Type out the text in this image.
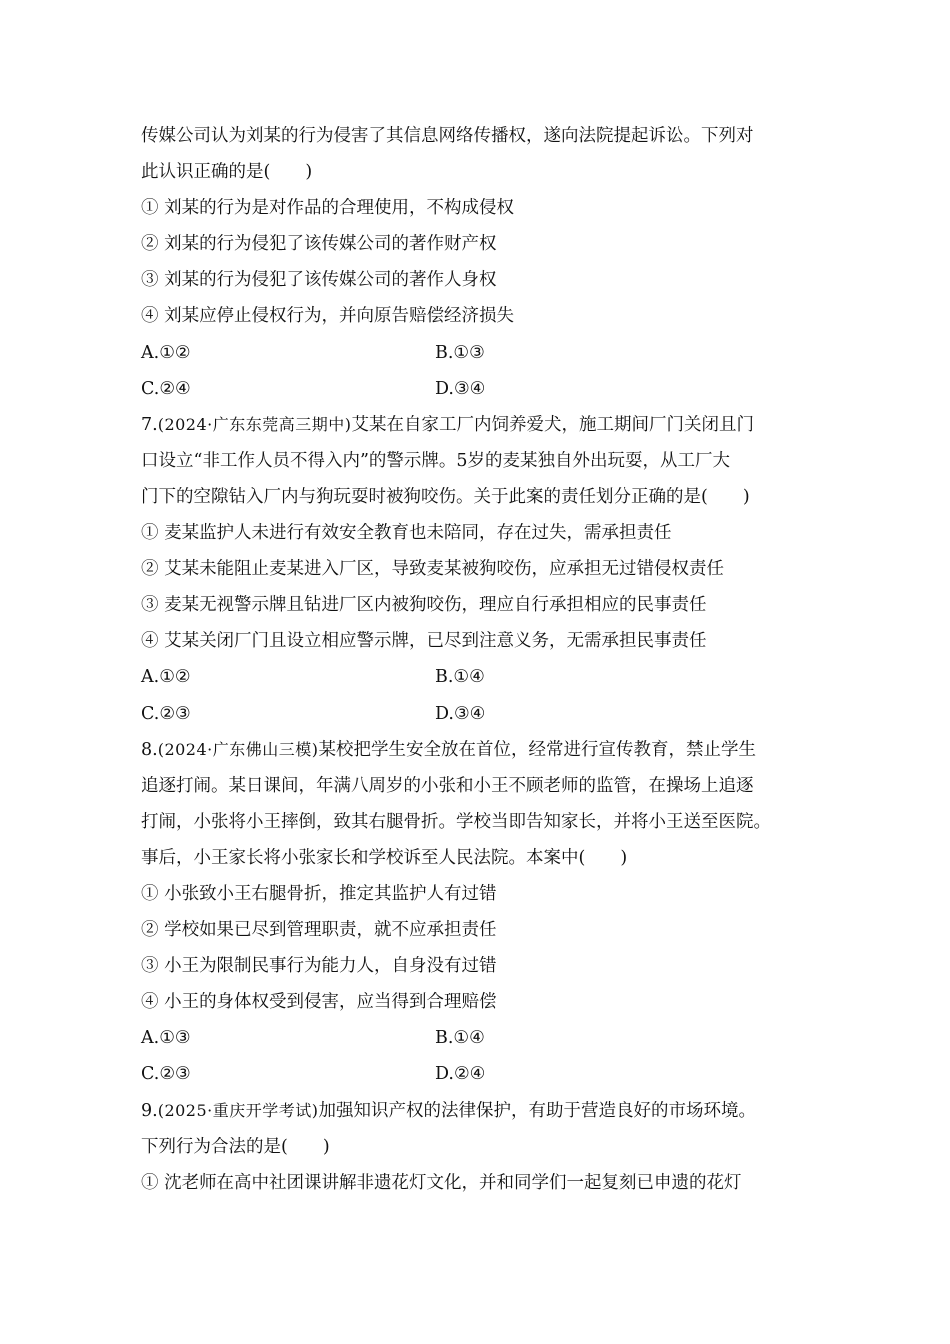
传媒公司认为刘某的行为侵害了其信息网络传播权，遂向法院提起诉讼。下列对
此认识正确的是(　　)
① 刘某的行为是对作品的合理使用，不构成侵权
② 刘某的行为侵犯了该传媒公司的著作财产权
③ 刘某的行为侵犯了该传媒公司的著作人身权
④ 刘某应停止侵权行为，并向原告赔偿经济损失
A.①②	B.①③
C.②④	D.③④
7.(2024·广东东莞高三期中)艾某在自家工厂内饲养爱犬，施工期间厂门关闭且门
口设立“非工作人员不得入内”的警示牌。5岁的麦某独自外出玩耍，从工厂大
门下的空隙钻入厂内与狗玩耍时被狗咬伤。关于此案的责任划分正确的是(　　)
① 麦某监护人未进行有效安全教育也未陪同，存在过失，需承担责任
② 艾某未能阻止麦某进入厂区，导致麦某被狗咬伤，应承担无过错侵权责任
③ 麦某无视警示牌且钻进厂区内被狗咬伤，理应自行承担相应的民事责任
④ 艾某关闭厂门且设立相应警示牌，已尽到注意义务，无需承担民事责任
A.①②	B.①④
C.②③	D.③④
8.(2024·广东佛山三模)某校把学生安全放在首位，经常进行宣传教育，禁止学生
追逐打闹。某日课间，年满八周岁的小张和小王不顾老师的监管，在操场上追逐
打闹，小张将小王摔倒，致其右腿骨折。学校当即告知家长，并将小王送至医院。
事后，小王家长将小张家长和学校诉至人民法院。本案中(　　)
① 小张致小王右腿骨折，推定其监护人有过错
② 学校如果已尽到管理职责，就不应承担责任
③ 小王为限制民事行为能力人，自身没有过错
④ 小王的身体权受到侵害，应当得到合理赔偿
A.①③	B.①④
C.②③	D.②④
9.(2025·重庆开学考试)加强知识产权的法律保护，有助于营造良好的市场环境。
下列行为合法的是(　　)
① 沈老师在高中社团课讲解非遗花灯文化，并和同学们一起复刻已申遗的花灯
